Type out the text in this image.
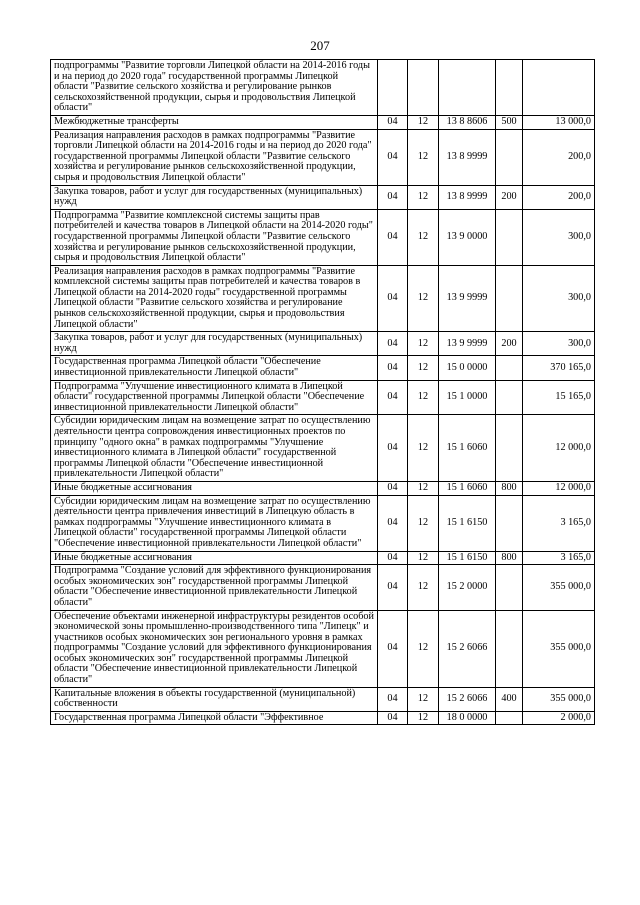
207
подпрограммы "Развитие торговли Липецкой области на 2014-2016 годы и на период до 2020 года" государственной программы Липецкой области "Развитие сельского хозяйства и регулирование рынков сельскохозяйственной продукции, сырья и продовольствия Липецкой области"					
Межбюджетные трансферты	04	12	13 8 8606	500	13 000,0
Реализация направления расходов в рамках подпрограммы "Развитие торговли Липецкой области на 2014-2016 годы и на период до 2020 года" государственной программы Липецкой области "Развитие сельского хозяйства и регулирование рынков сельскохозяйственной продукции, сырья и продовольствия Липецкой области"	04	12	13 8 9999		200,0
Закупка товаров, работ и услуг для государственных (муниципальных) нужд	04	12	13 8 9999	200	200,0
Подпрограмма "Развитие комплексной системы защиты прав потребителей и качества товаров в Липецкой области на 2014-2020 годы" государственной программы Липецкой области "Развитие сельского хозяйства и регулирование рынков сельскохозяйственной продукции, сырья и продовольствия Липецкой области"	04	12	13 9 0000		300,0
Реализация направления расходов в рамках подпрограммы "Развитие комплексной системы защиты прав потребителей и качества товаров в Липецкой области на 2014-2020 годы" государственной программы Липецкой области "Развитие сельского хозяйства и регулирование рынков сельскохозяйственной продукции, сырья и продовольствия Липецкой области"	04	12	13 9 9999		300,0
Закупка товаров, работ и услуг для государственных (муниципальных) нужд	04	12	13 9 9999	200	300,0
Государственная программа Липецкой области "Обеспечение инвестиционной привлекательности Липецкой области"	04	12	15 0 0000		370 165,0
Подпрограмма "Улучшение инвестиционного климата в Липецкой области" государственной программы Липецкой области "Обеспечение инвестиционной привлекательности Липецкой области"	04	12	15 1 0000		15 165,0
Субсидии юридическим лицам на возмещение затрат по осуществлению деятельности центра сопровождения инвестиционных проектов по принципу "одного окна" в рамках подпрограммы "Улучшение инвестиционного климата в Липецкой области" государственной программы Липецкой области "Обеспечение инвестиционной привлекательности Липецкой области"	04	12	15 1 6060		12 000,0
Иные бюджетные ассигнования	04	12	15 1 6060	800	12 000,0
Субсидии юридическим лицам на возмещение затрат по осуществлению деятельности центра привлечения инвестиций в Липецкую область в рамках подпрограммы "Улучшение инвестиционного климата в Липецкой области" государственной программы Липецкой области "Обеспечение инвестиционной привлекательности Липецкой области"	04	12	15 1 6150		3 165,0
Иные бюджетные ассигнования	04	12	15 1 6150	800	3 165,0
Подпрограмма "Создание условий для эффективного функционирования особых экономических зон" государственной программы Липецкой области "Обеспечение инвестиционной привлекательности Липецкой области"	04	12	15 2 0000		355 000,0
Обеспечение объектами инженерной инфраструктуры резидентов особой экономической зоны промышленно-производственного типа "Липецк" и участников особых экономических зон регионального уровня в рамках подпрограммы "Создание условий для эффективного функционирования особых экономических зон" государственной программы Липецкой области "Обеспечение инвестиционной привлекательности Липецкой области"	04	12	15 2 6066		355 000,0
Капитальные вложения в объекты государственной (муниципальной) собственности	04	12	15 2 6066	400	355 000,0
Государственная программа Липецкой области "Эффективное	04	12	18 0 0000		2 000,0
